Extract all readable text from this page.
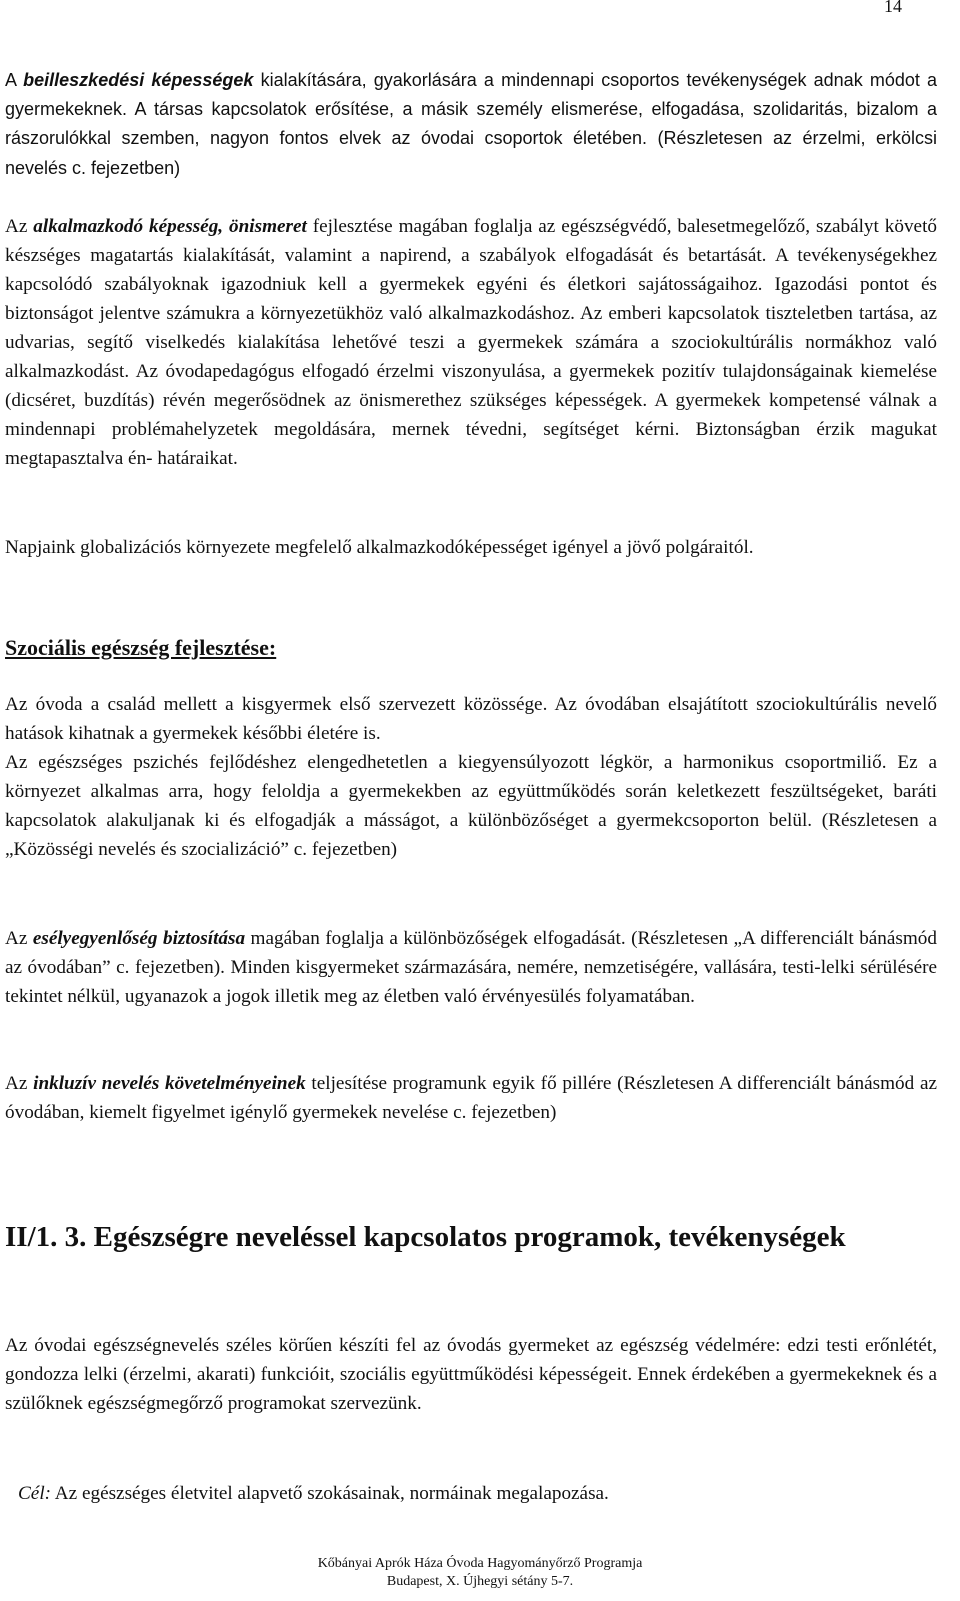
14
A beilleszkedési képességek kialakítására, gyakorlására a mindennapi csoportos tevékenységek adnak módot a gyermekeknek. A társas kapcsolatok erősítése, a másik személy elismerése, elfogadása, szolidaritás, bizalom a rászorulókkal szemben, nagyon fontos elvek az óvodai csoportok életében. (Részletesen az érzelmi, erkölcsi nevelés c. fejezetben)
Az alkalmazkodó képesség, önismeret fejlesztése magában foglalja az egészségvédő, balesetmegelőző, szabályt követő készséges magatartás kialakítását, valamint a napirend, a szabályok elfogadását és betartását. A tevékenységekhez kapcsolódó szabályoknak igazodniuk kell a gyermekek egyéni és életkori sajátosságaihoz. Igazodási pontot és biztonságot jelentve számukra a környezetükhöz való alkalmazkodáshoz. Az emberi kapcsolatok tiszteletben tartása, az udvarias, segítő viselkedés kialakítása lehetővé teszi a gyermekek számára a szociokultúrális normákhoz való alkalmazkodást. Az óvodapedagógus elfogadó érzelmi viszonyulása, a gyermekek pozitív tulajdonságainak kiemelése (dicséret, buzdítás) révén megerősödnek az önismerethez szükséges képességek. A gyermekek kompetensé válnak a mindennapi problémahelyzetek megoldására, mernek tévedni, segítséget kérni. Biztonságban érzik magukat megtapasztalva én- határaikat.
Napjaink globalizációs környezete megfelelő alkalmazkodóképességet igényel a jövő polgáraitól.
Szociális egészség fejlesztése:
Az óvoda a család mellett a kisgyermek első szervezett közössége. Az óvodában elsajátított szociokultúrális nevelő hatások kihatnak a gyermekek későbbi életére is.
Az egészséges pszichés fejlődéshez elengedhetetlen a kiegyensúlyozott légkör, a harmonikus csoportmiliő. Ez a környezet alkalmas arra, hogy feloldja a gyermekekben az együttműködés során keletkezett feszültségeket, baráti kapcsolatok alakuljanak ki és elfogadják a másságot, a különbözőséget a gyermekcsoporton belül. (Részletesen a „Közösségi nevelés és szocializáció” c. fejezetben)
Az esélyegyenlőség biztosítása magában foglalja a különbözőségek elfogadását. (Részletesen „A differenciált bánásmód az óvodában” c. fejezetben). Minden kisgyermeket származására, nemére, nemzetiségére, vallására, testi-lelki sérülésére tekintet nélkül, ugyanazok a jogok illetik meg az életben való érvényesülés folyamatában.
Az inkluzív nevelés követelményeinek teljesítése programunk egyik fő pillére (Részletesen A differenciált bánásmód az óvodában, kiemelt figyelmet igénylő gyermekek nevelése c. fejezetben)
II/1. 3. Egészségre neveléssel kapcsolatos programok, tevékenységek
Az óvodai egészségnevelés széles körűen készíti fel az óvodás gyermeket az egészség védelmére: edzi testi erőnlétét, gondozza lelki (érzelmi, akarati) funkcióit, szociális együttműködési képességeit. Ennek érdekében a gyermekeknek és a szülőknek egészségmegőrző programokat szervezünk.
Cél: Az egészséges életvitel alapvető szokásainak, normáinak megalapozása.
Kőbányai Aprók Háza Óvoda Hagyományőrző Programja
Budapest, X. Újhegyi sétány 5-7.
